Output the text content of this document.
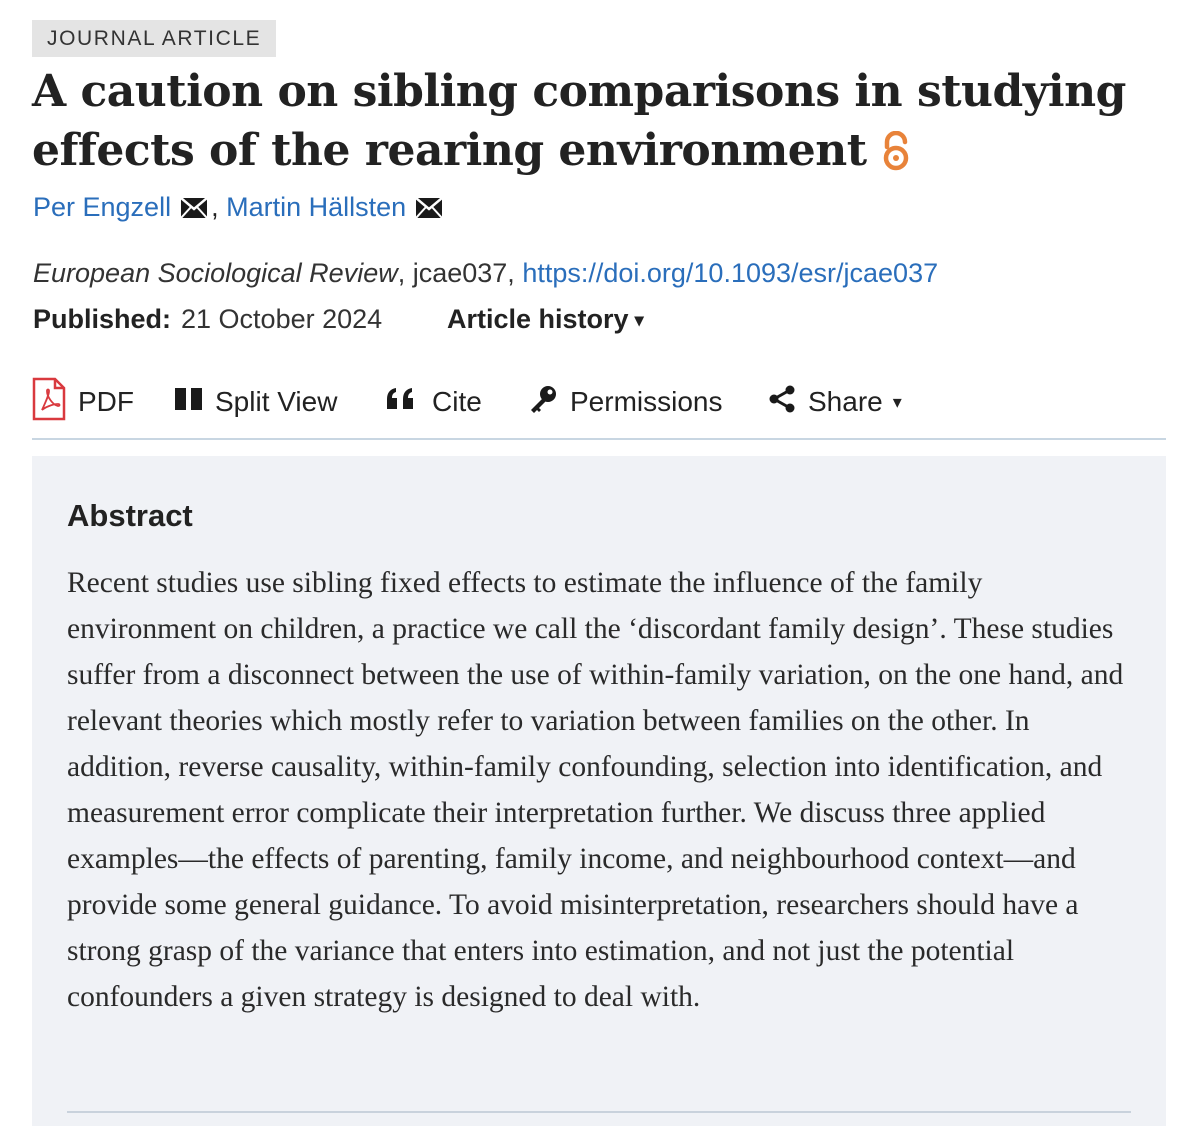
JOURNAL ARTICLE
A caution on sibling comparisons in studying effects of the rearing environment
Per Engzell , Martin Hällsten
European Sociological Review, jcae037, https://doi.org/10.1093/esr/jcae037
Published: 21 October 2024 Article history ▾
PDF	Split View	Cite	Permissions	Share ▾
Abstract

Recent studies use sibling fixed effects to estimate the influence of the family environment on children, a practice we call the ‘discordant family design’. These studies suffer from a disconnect between the use of within-family variation, on the one hand, and relevant theories which mostly refer to variation between families on the other. In addition, reverse causality, within-family confounding, selection into identification, and measurement error complicate their interpretation further. We discuss three applied examples—the effects of parenting, family income, and neighbourhood context—and provide some general guidance. To avoid misinterpretation, researchers should have a strong grasp of the variance that enters into estimation, and not just the potential confounders a given strategy is designed to deal with.
